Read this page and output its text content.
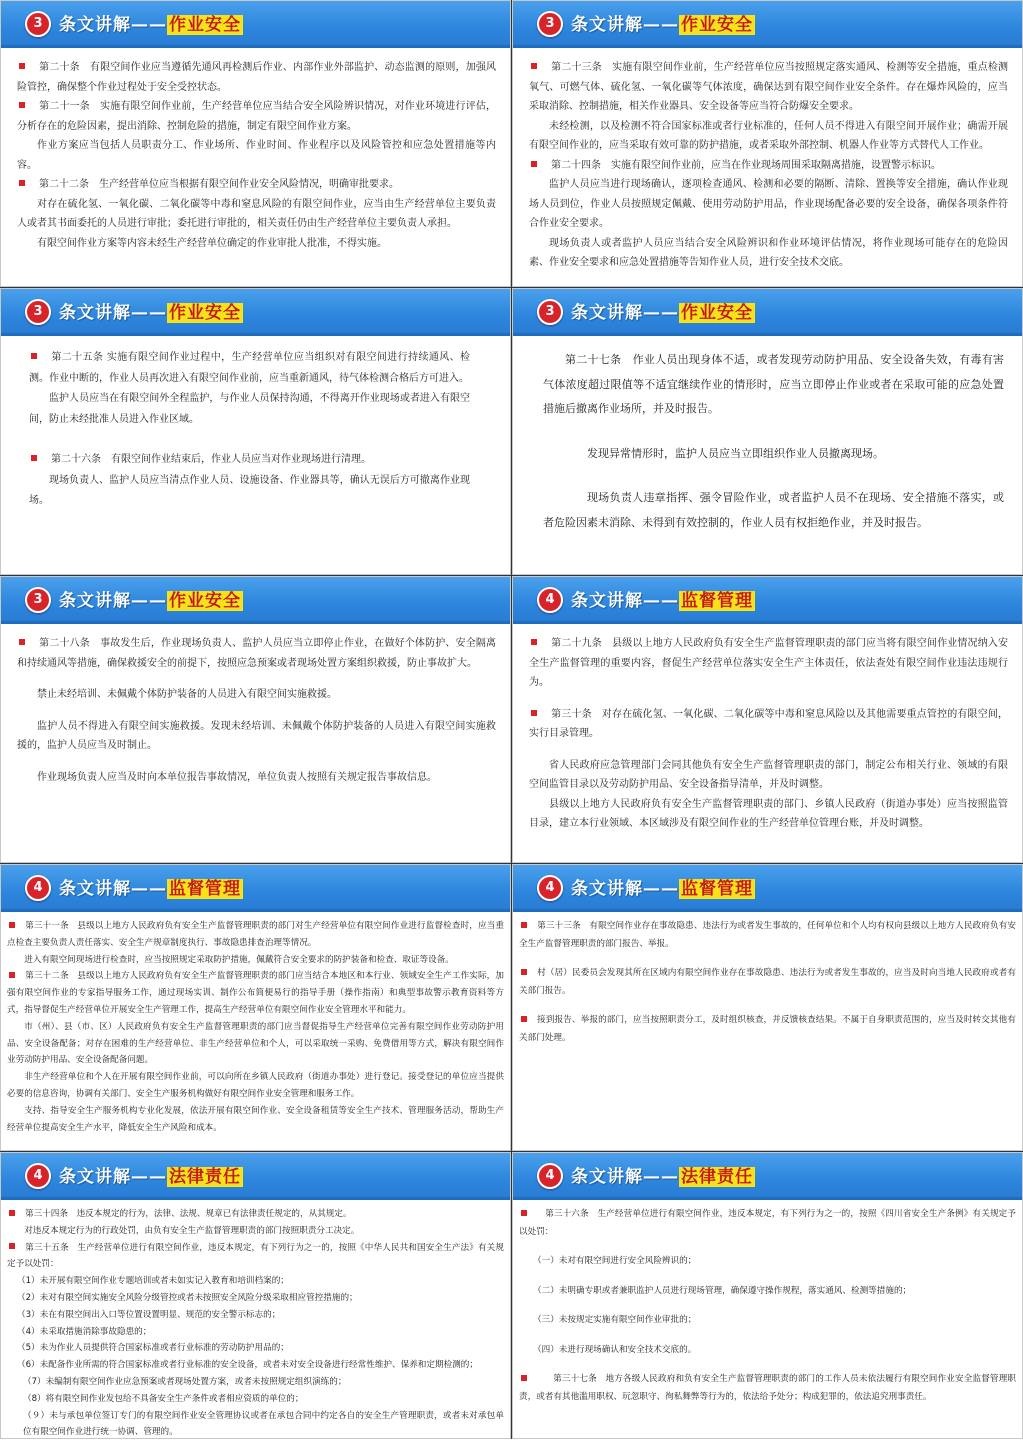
3 条文讲解—— 作业安全

第二十条　有限空间作业应当遵循先通风再检测后作业、内部作业外部监护、动态监测的原则，加强风险管控，确保整个作业过程处于安全受控状态。

第二十一条　实施有限空间作业前，生产经营单位应当结合安全风险辨识情况，对作业环境进行评估，分析存在的危险因素，提出消除、控制危险的措施，制定有限空间作业方案。

作业方案应当包括人员职责分工、作业场所、作业时间、作业程序以及风险管控和应急处置措施等内容。

第二十二条　生产经营单位应当根据有限空间作业安全风险情况，明确审批要求。

对存在硫化氢、一氧化碳、二氧化碳等中毒和窒息风险的有限空间作业，应当由生产经营单位主要负责人或者其书面委托的人员进行审批；委托进行审批的，相关责任仍由生产经营单位主要负责人承担。

有限空间作业方案等内容未经生产经营单位确定的作业审批人批准，不得实施。

3 条文讲解—— 作业安全

第二十三条　实施有限空间作业前，生产经营单位应当按照规定落实通风、检测等安全措施，重点检测氧气、可燃气体、硫化氢、一氧化碳等气体浓度，确保达到有限空间作业安全条件。存在爆炸风险的，应当采取消除、控制措施，相关作业器具、安全设备等应当符合防爆安全要求。

未经检测，以及检测不符合国家标准或者行业标准的，任何人员不得进入有限空间开展作业；确需开展有限空间作业的，应当采取有效可靠的防护措施，或者采取外部控制、机器人作业等方式替代人工作业。

第二十四条　实施有限空间作业前，应当在作业现场周围采取隔离措施，设置警示标识。

监护人员应当进行现场确认，逐项检查通风、检测和必要的隔断、清除、置换等安全措施，确认作业现场人员到位，作业人员按照规定佩戴、使用劳动防护用品，作业现场配备必要的安全设备，确保各项条件符合作业安全要求。

现场负责人或者监护人员应当结合安全风险辨识和作业环境评估情况，将作业现场可能存在的危险因素、作业安全要求和应急处置措施等告知作业人员，进行安全技术交底。

3 条文讲解—— 作业安全

第二十五条 实施有限空间作业过程中，生产经营单位应当组织对有限空间进行持续通风、检测。作业中断的，作业人员再次进入有限空间作业前，应当重新通风，待气体检测合格后方可进入。

监护人员应当在有限空间外全程监护，与作业人员保持沟通，不得离开作业现场或者进入有限空间，防止未经批准人员进入作业区域。

第二十六条　有限空间作业结束后，作业人员应当对作业现场进行清理。

现场负责人、监护人员应当清点作业人员、设施设备、作业器具等，确认无误后方可撤离作业现场。

3 条文讲解—— 作业安全

第二十七条　作业人员出现身体不适，或者发现劳动防护用品、安全设备失效，有毒有害气体浓度超过限值等不适宜继续作业的情形时，应当立即停止作业或者在采取可能的应急处置措施后撤离作业场所，并及时报告。

发现异常情形时，监护人员应当立即组织作业人员撤离现场。

现场负责人违章指挥、强令冒险作业，或者监护人员不在现场、安全措施不落实，或者危险因素未消除、未得到有效控制的，作业人员有权拒绝作业，并及时报告。

3 条文讲解—— 作业安全

第二十八条　事故发生后，作业现场负责人、监护人员应当立即停止作业，在做好个体防护、安全隔离和持续通风等措施，确保救援安全的前提下，按照应急预案或者现场处置方案组织救援，防止事故扩大。

禁止未经培训、未佩戴个体防护装备的人员进入有限空间实施救援。

监护人员不得进入有限空间实施救援。发现未经培训、未佩戴个体防护装备的人员进入有限空间实施救援的，监护人员应当及时制止。

作业现场负责人应当及时向本单位报告事故情况，单位负责人按照有关规定报告事故信息。

4 条文讲解—— 监督管理

第二十九条　县级以上地方人民政府负有安全生产监督管理职责的部门应当将有限空间作业情况纳入安全生产监督管理的重要内容，督促生产经营单位落实安全生产主体责任，依法查处有限空间作业违法违规行为。

第三十条　对存在硫化氢、一氧化碳、二氧化碳等中毒和窒息风险以及其他需要重点管控的有限空间，实行目录管理。

省人民政府应急管理部门会同其他负有安全生产监督管理职责的部门，制定公布相关行业、领域的有限空间监管目录以及劳动防护用品、安全设备指导清单，并及时调整。

县级以上地方人民政府负有安全生产监督管理职责的部门、乡镇人民政府（街道办事处）应当按照监管目录，建立本行业领域、本区域涉及有限空间作业的生产经营单位管理台账，并及时调整。

4 条文讲解—— 监督管理

第三十一条　县级以上地方人民政府负有安全生产监督管理职责的部门对生产经营单位有限空间作业进行监督检查时，应当重点检查主要负责人责任落实、安全生产规章制度执行、事故隐患排查治理等情况。

进入有限空间现场进行检查时，应当按照规定采取防护措施，佩戴符合安全要求的防护装备和检查、取证等设备。

第三十二条　县级以上地方人民政府负有安全生产监督管理职责的部门应当结合本地区和本行业、领域安全生产工作实际，加强有限空间作业的专家指导服务工作，通过现场实训、制作公布简便易行的指导手册（操作指南）和典型事故警示教育资料等方式，指导督促生产经营单位开展安全生产管理工作，提高生产经营单位有限空间作业安全管理水平和能力。

市（州）、县（市、区）人民政府负有安全生产监督管理职责的部门应当督促指导生产经营单位完善有限空间作业劳动防护用品、安全设备配备；对存在困难的生产经营单位、非生产经营单位和个人，可以采取统一采购、免费借用等方式，解决有限空间作业劳动防护用品、安全设备配备问题。

非生产经营单位和个人在开展有限空间作业前，可以向所在乡镇人民政府（街道办事处）进行登记。接受登记的单位应当提供必要的信息咨询，协调有关部门、安全生产服务机构做好有限空间作业安全管理和服务工作。

支持、指导安全生产服务机构专业化发展，依法开展有限空间作业、安全设备租赁等安全生产技术、管理服务活动，帮助生产经营单位提高安全生产水平，降低安全生产风险和成本。

4 条文讲解—— 监督管理

第三十三条　有限空间作业存在事故隐患、违法行为或者发生事故的，任何单位和个人均有权向县级以上地方人民政府负有安全生产监督管理职责的部门报告、举报。

村（居）民委员会发现其所在区域内有限空间作业存在事故隐患、违法行为或者发生事故的，应当及时向当地人民政府或者有关部门报告。

接到报告、举报的部门，应当按照职责分工，及时组织核查，并反馈核查结果。不属于自身职责范围的，应当及时转交其他有关部门处理。

4 条文讲解—— 法律责任

第三十四条　违反本规定的行为，法律、法规、规章已有法律责任规定的，从其规定。

对违反本规定行为的行政处罚，由负有安全生产监督管理职责的部门按照职责分工决定。

第三十五条　生产经营单位进行有限空间作业，违反本规定，有下列行为之一的，按照《中华人民共和国安全生产法》有关规定予以处罚：

（1）未开展有限空间作业专题培训或者未如实记入教育和培训档案的；

（2）未对有限空间实施安全风险分级管控或者未按照安全风险分级采取相应管控措施的；

（3）未在有限空间出入口等位置设置明显、规范的安全警示标志的；

（4）未采取措施消除事故隐患的；

（5）未为作业人员提供符合国家标准或者行业标准的劳动防护用品的；

（6）未配备作业所需的符合国家标准或者行业标准的安全设备，或者未对安全设备进行经常性维护、保养和定期检测的；

（7）未编制有限空间作业应急预案或者现场处置方案，或者未按照规定组织演练的；

（8）将有限空间作业发包给不具备安全生产条件或者相应资质的单位的；

（９）未与承包单位签订专门的有限空间作业安全管理协议或者在承包合同中约定各自的安全生产管理职责，或者未对承包单位有限空间作业进行统一协调、管理的。

4 条文讲解—— 法律责任

第三十六条　生产经营单位进行有限空间作业，违反本规定，有下列行为之一的，按照《四川省安全生产条例》有关规定予以处罚：

（一）未对有限空间进行安全风险辨识的；

（二）未明确专职或者兼职监护人员进行现场管理，确保遵守操作规程，落实通风、检测等措施的；

（三）未按规定实施有限空间作业审批的；

（四）未进行现场确认和安全技术交底的。

第三十七条　地方各级人民政府和负有安全生产监督管理职责的部门的工作人员未依法履行有限空间作业安全监督管理职责，或者有其他滥用职权、玩忽职守、徇私舞弊等行为的，依法给予处分；构成犯罪的，依法追究刑事责任。
